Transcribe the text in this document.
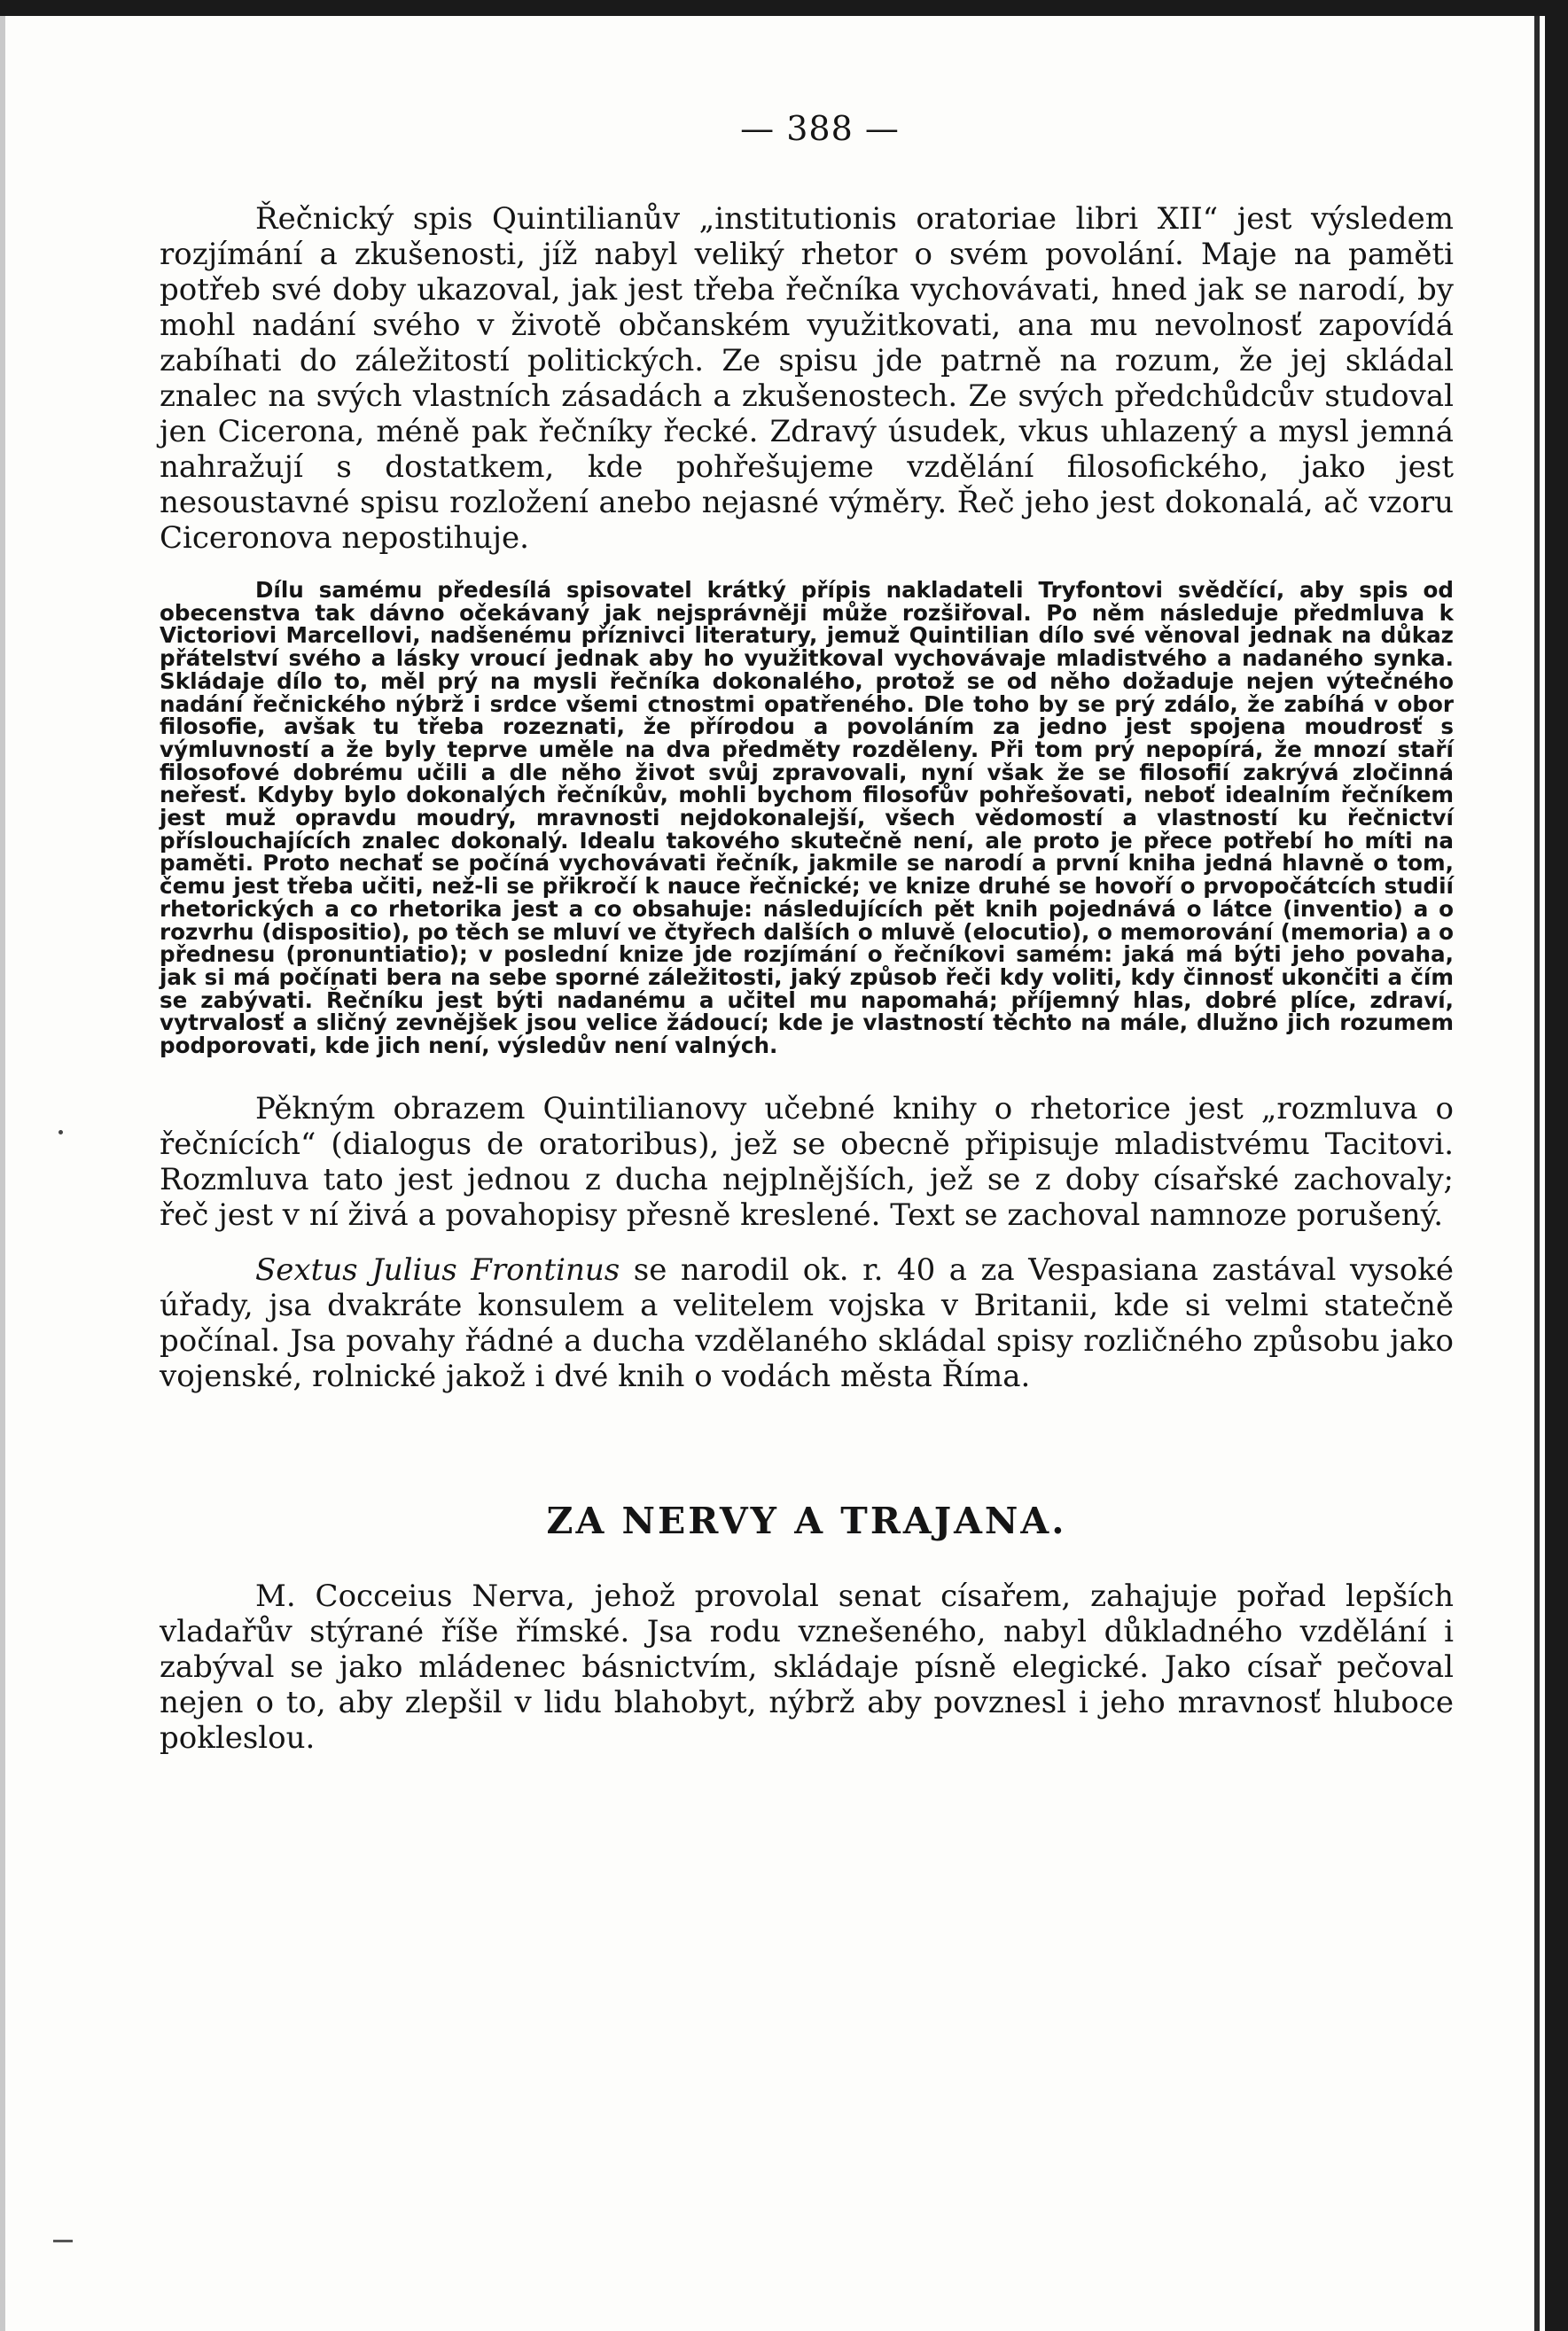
— 388 —

Řečnický spis Quintilianův „institutionis oratoriae libri XII“ jest výsledem rozjímání a zkušenosti, jíž nabyl veliký rhetor o svém povolání. Maje na paměti potřeb své doby ukazoval, jak jest třeba řečníka vychovávati, hned jak se narodí, by mohl nadání svého v životě občanském využitkovati, ana mu nevolnosť zapovídá zabíhati do záležitostí politických. Ze spisu jde patrně na rozum, že jej skládal znalec na svých vlastních zásadách a zkušenostech. Ze svých předchůdcův studoval jen Cicerona, méně pak řečníky řecké. Zdravý úsudek, vkus uhlazený a mysl jemná nahražují s dostatkem, kde pohřešujeme vzdělání filosofického, jako jest nesoustavné spisu rozložení anebo nejasné výměry. Řeč jeho jest dokonalá, ač vzoru Ciceronova nepostihuje.

Dílu samému předesílá spisovatel krátký přípis nakladateli Tryfontovi svědčící, aby spis od obecenstva tak dávno očekávaný jak nejsprávněji může rozšiřoval. Po něm následuje předmluva k Victoriovi Marcellovi, nadšenému příznivci literatury, jemuž Quintilian dílo své věnoval jednak na důkaz přátelství svého a lásky vroucí jednak aby ho využitkoval vychovávaje mladistvého a nadaného synka. Skládaje dílo to, měl prý na mysli řečníka dokonalého, protož se od něho dožaduje nejen výtečného nadání řečnického nýbrž i srdce všemi ctnostmi opatřeného. Dle toho by se prý zdálo, že zabíhá v obor filosofie, avšak tu třeba rozeznati, že přírodou a povoláním za jedno jest spojena moudrosť s výmluvností a že byly teprve uměle na dva předměty rozděleny. Při tom prý nepopírá, že mnozí staří filosofové dobrému učili a dle něho život svůj zpravovali, nyní však že se filosofií zakrývá zločinná neřesť. Kdyby bylo dokonalých řečníkův, mohli bychom filosofův pohřešovati, neboť idealním řečníkem jest muž opravdu moudrý, mravnosti nejdokonalejší, všech vědomostí a vlastností ku řečnictví příslouchajících znalec dokonalý. Idealu takového skutečně není, ale proto je přece potřebí ho míti na paměti. Proto nechať se počíná vychovávati řečník, jakmile se narodí a první kniha jedná hlavně o tom, čemu jest třeba učiti, než-li se přikročí k nauce řečnické; ve knize druhé se hovoří o prvopočátcích studií rhetorických a co rhetorika jest a co obsahuje: následujících pět knih pojednává o látce (inventio) a o rozvrhu (dispositio), po těch se mluví ve čtyřech dalších o mluvě (elocutio), o memorování (memoria) a o přednesu (pronuntiatio); v poslední knize jde rozjímání o řečníkovi samém: jaká má býti jeho povaha, jak si má počínati bera na sebe sporné záležitosti, jaký způsob řeči kdy voliti, kdy činnosť ukončiti a čím se zabývati. Řečníku jest býti nadanému a učitel mu napomahá; příjemný hlas, dobré plíce, zdraví, vytrvalosť a sličný zevnějšek jsou velice žádoucí; kde je vlastností těchto na mále, dlužno jich rozumem podporovati, kde jich není, výsledův není valných.

Pěkným obrazem Quintilianovy učebné knihy o rhetorice jest „rozmluva o řečnících“ (dialogus de oratoribus), jež se obecně připisuje mladistvému Tacitovi. Rozmluva tato jest jednou z ducha nejplnějších, jež se z doby císařské zachovaly; řeč jest v ní živá a povahopisy přesně kreslené. Text se zachoval namnoze porušený.

Sextus Julius Frontinus se narodil ok. r. 40 a za Vespasiana zastával vysoké úřady, jsa dvakráte konsulem a velitelem vojska v Britanii, kde si velmi statečně počínal. Jsa povahy řádné a ducha vzdělaného skládal spisy rozličného způsobu jako vojenské, rolnické jakož i dvé knih o vodách města Říma.

ZA NERVY A TRAJANA.

M. Cocceius Nerva, jehož provolal senat císařem, zahajuje pořad lepších vladařův stýrané říše římské. Jsa rodu vznešeného, nabyl důkladného vzdělání i zabýval se jako mládenec básnictvím, skládaje písně elegické. Jako císař pečoval nejen o to, aby zlepšil v lidu blahobyt, nýbrž aby povznesl i jeho mravnosť hluboce pokleslou.
